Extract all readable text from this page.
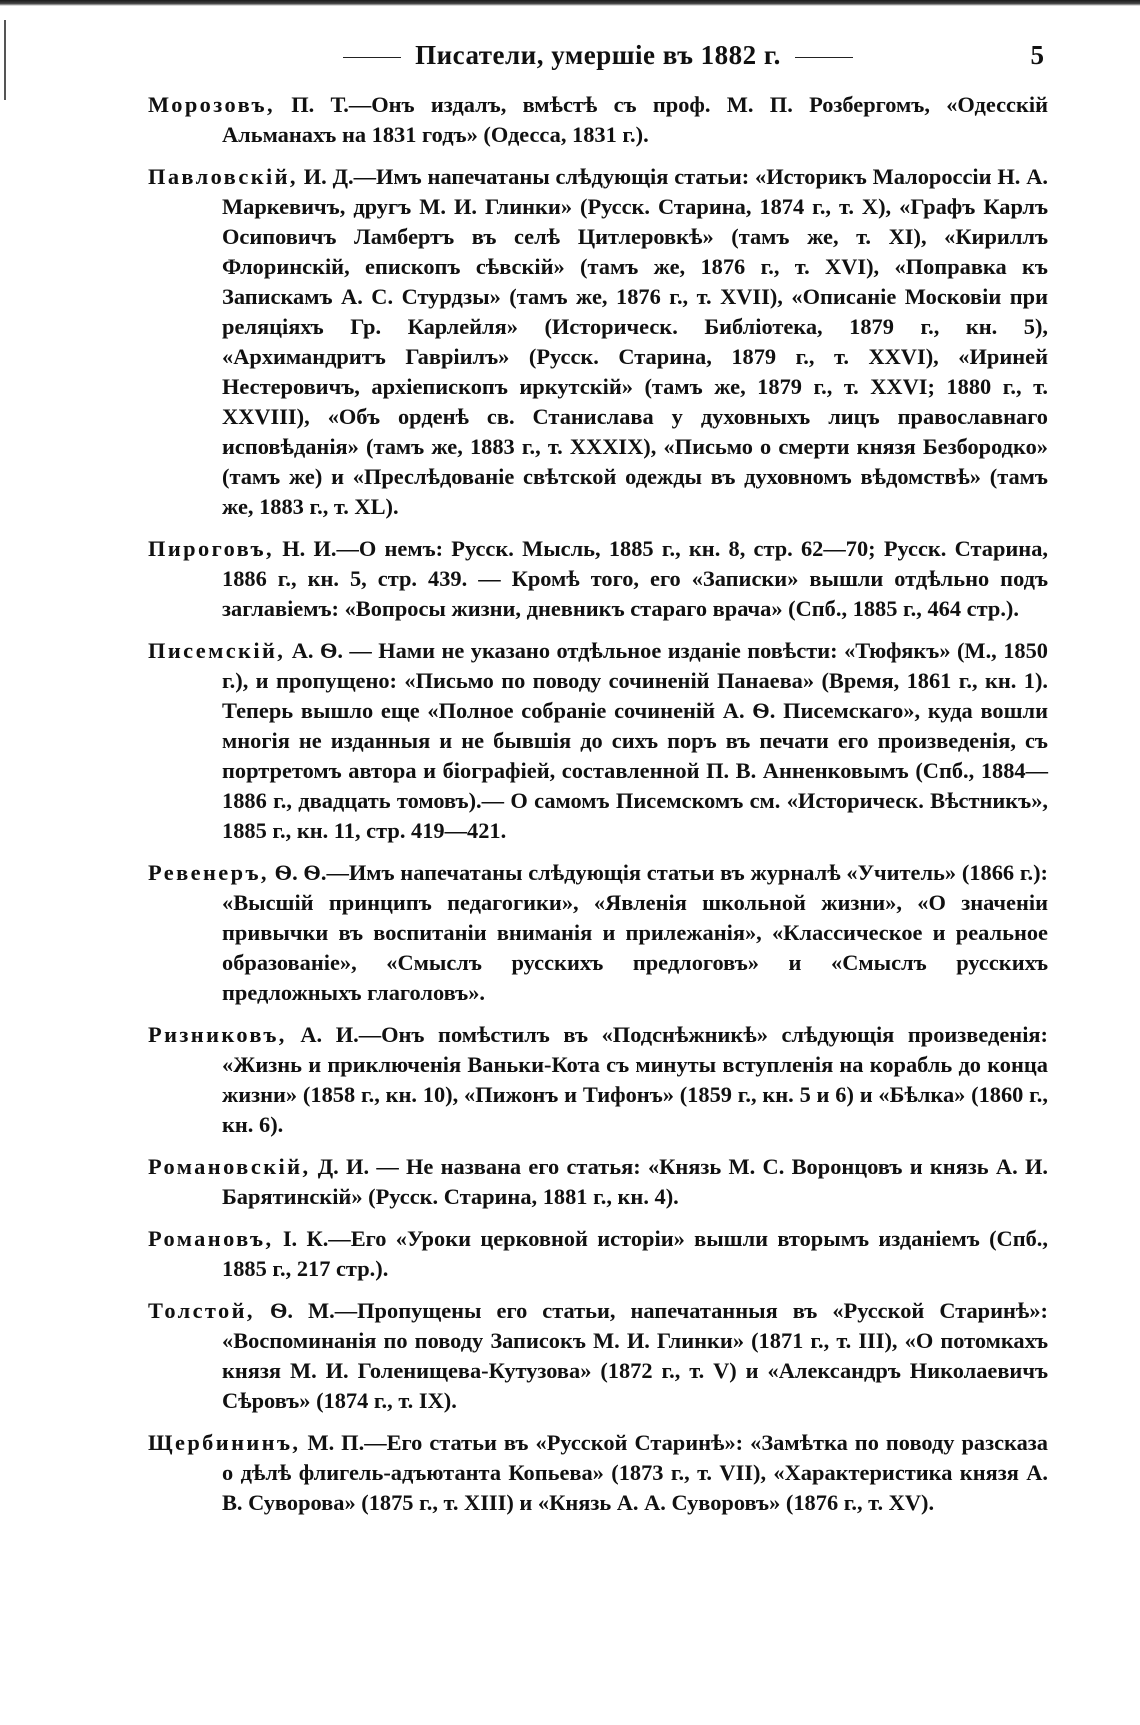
Писатели, умершіе въ 1882 г.	5

Морозовъ, П. Т.—Онъ издалъ, вмѣстѣ съ проф. М. П. Розбергомъ, «Одесскій Альманахъ на 1831 годъ» (Одесса, 1831 г.).

Павловскій, И. Д.—Имъ напечатаны слѣдующія статьи: «Историкъ Малороссіи Н. А. Маркевичъ, другъ М. И. Глинки» (Русск. Старина, 1874 г., т. X), «Графъ Карлъ Осиповичъ Ламбертъ въ селѣ Цитлеровкѣ» (тамъ же, т. XI), «Кириллъ Флоринскій, епископъ сѣвскій» (тамъ же, 1876 г., т. XVI), «Поправка къ Запискамъ А. С. Стурдзы» (тамъ же, 1876 г., т. XVII), «Описаніе Московіи при реляціяхъ Гр. Карлейля» (Историческ. Библіотека, 1879 г., кн. 5), «Архимандритъ Гавріилъ» (Русск. Старина, 1879 г., т. XXVI), «Ириней Нестеровичъ, архіепископъ иркутскій» (тамъ же, 1879 г., т. XXVI; 1880 г., т. XXVIII), «Объ орденѣ св. Станислава у духовныхъ лицъ православнаго исповѣданія» (тамъ же, 1883 г., т. XXXIX), «Письмо о смерти князя Безбородко» (тамъ же) и «Преслѣдованіе свѣтской одежды въ духовномъ вѣдомствѣ» (тамъ же, 1883 г., т. XL).

Пироговъ, Н. И.—О немъ: Русск. Мысль, 1885 г., кн. 8, стр. 62—70; Русск. Старина, 1886 г., кн. 5, стр. 439. — Кромѣ того, его «Записки» вышли отдѣльно подъ заглавіемъ: «Вопросы жизни, дневникъ стараго врача» (Спб., 1885 г., 464 стр.).

Писемскій, А. Ѳ. — Нами не указано отдѣльное изданіе повѣсти: «Тюфякъ» (М., 1850 г.), и пропущено: «Письмо по поводу сочиненій Панаева» (Время, 1861 г., кн. 1). Теперь вышло еще «Полное собраніе сочиненій А. Ѳ. Писемскаго», куда вошли многія не изданныя и не бывшія до сихъ поръ въ печати его произведенія, съ портретомъ автора и біографіей, составленной П. В. Анненковымъ (Спб., 1884—1886 г., двадцать томовъ).— О самомъ Писемскомъ см. «Историческ. Вѣстникъ», 1885 г., кн. 11, стр. 419—421.

Ревенеръ, Ѳ. Ѳ.—Имъ напечатаны слѣдующія статьи въ журналѣ «Учитель» (1866 г.): «Высшій принципъ педагогики», «Явленія школьной жизни», «О значеніи привычки въ воспитаніи вниманія и прилежанія», «Классическое и реальное образованіе», «Смыслъ русскихъ предлоговъ» и «Смыслъ русскихъ предложныхъ глаголовъ».

Ризниковъ, А. И.—Онъ помѣстилъ въ «Подснѣжникѣ» слѣдующія произведенія: «Жизнь и приключенія Ваньки-Кота съ минуты вступленія на корабль до конца жизни» (1858 г., кн. 10), «Пижонъ и Тифонъ» (1859 г., кн. 5 и 6) и «Бѣлка» (1860 г., кн. 6).

Романовскій, Д. И. — Не названа его статья: «Князь М. С. Воронцовъ и князь А. И. Барятинскій» (Русск. Старина, 1881 г., кн. 4).

Романовъ, І. К.—Его «Уроки церковной исторіи» вышли вторымъ изданіемъ (Спб., 1885 г., 217 стр.).

Толстой, Ѳ. М.—Пропущены его статьи, напечатанныя въ «Русской Старинѣ»: «Воспоминанія по поводу Записокъ М. И. Глинки» (1871 г., т. III), «О потомкахъ князя М. И. Голенищева-Кутузова» (1872 г., т. V) и «Александръ Николаевичъ Сѣровъ» (1874 г., т. IX).

Щербининъ, М. П.—Его статьи въ «Русской Старинѣ»: «Замѣтка по поводу разсказа о дѣлѣ флигель-адъютанта Копьева» (1873 г., т. VII), «Характеристика князя А. В. Суворова» (1875 г., т. XIII) и «Князь А. А. Суворовъ» (1876 г., т. XV).
